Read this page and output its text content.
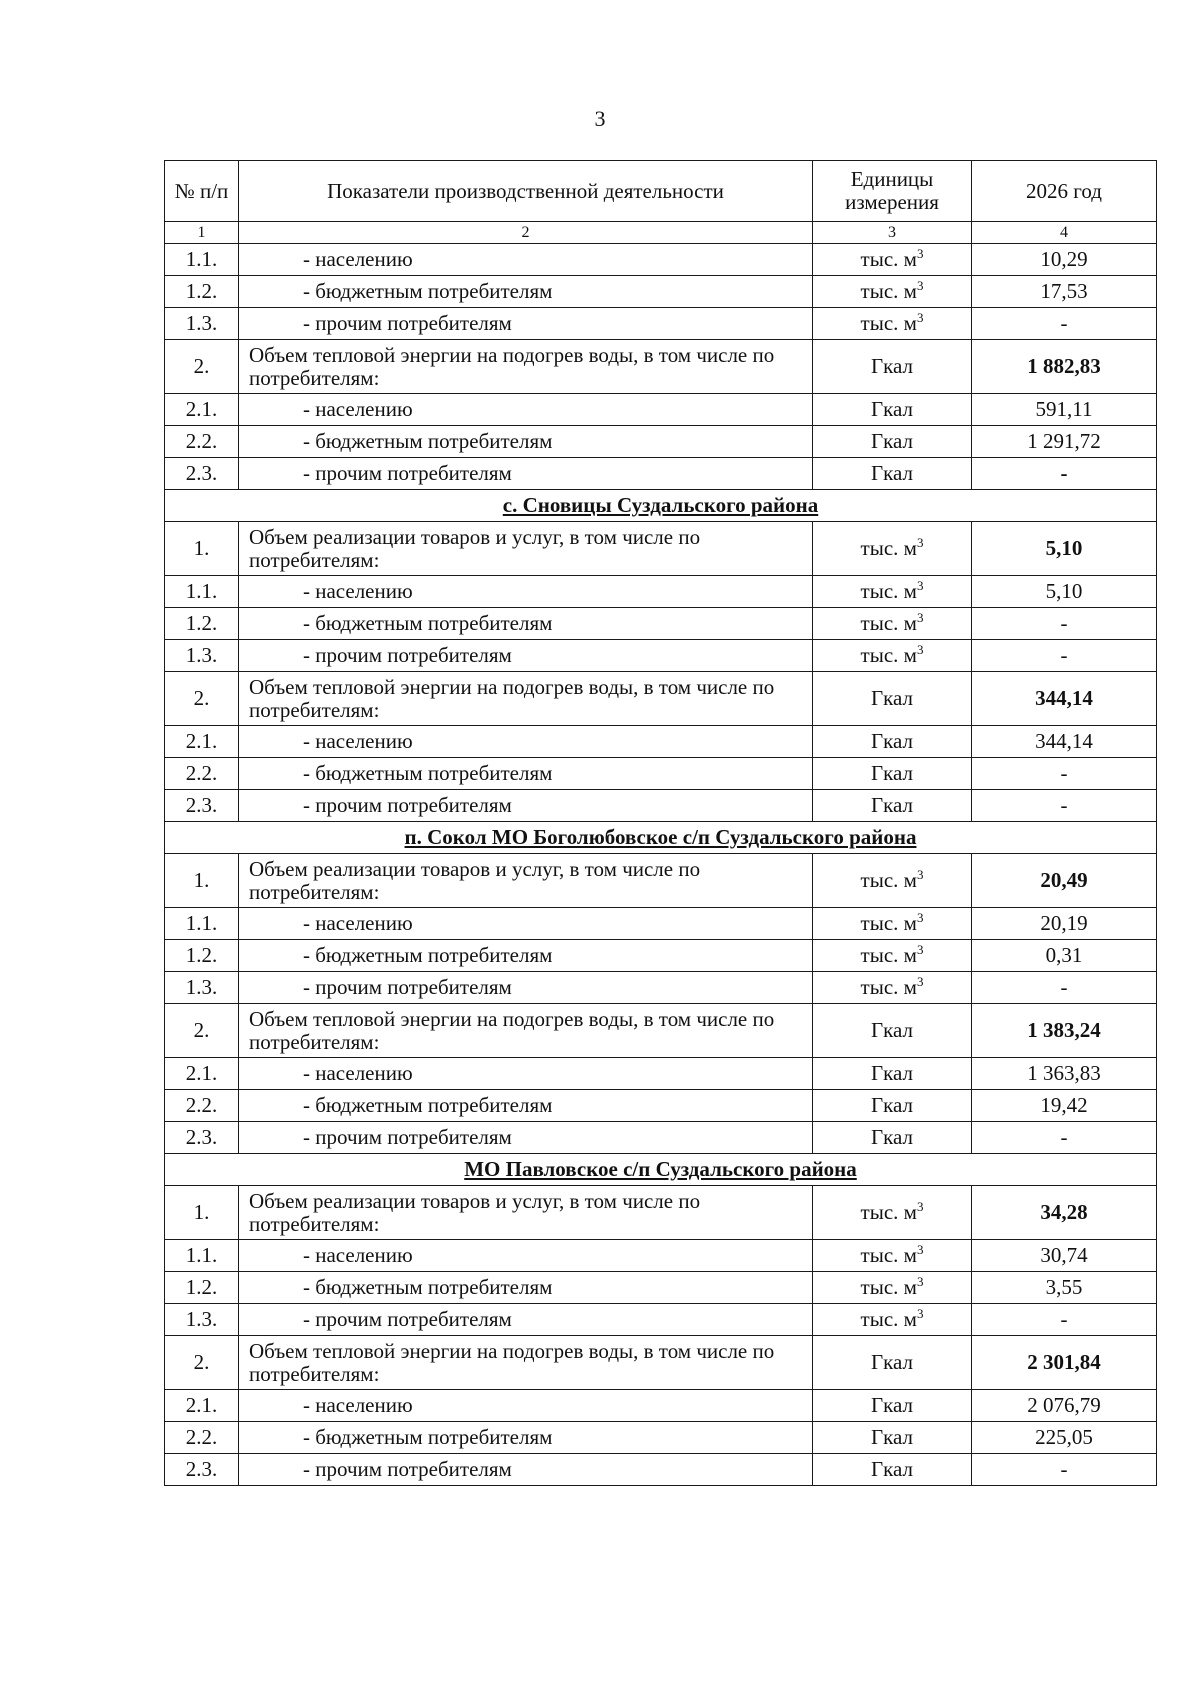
3
№ п/п	Показатели производственной деятельности	Единицы измерения	2026 год
1	2	3	4
1.1.	- населению	тыс. $м^3$	10,29
1.2.	- бюджетным потребителям	тыс. $м^3$	17,53
1.3.	- прочим потребителям	тыс. $м^3$	-
2.	Объем тепловой энергии на подогрев воды, в том числе по потребителям:	Гкал	1 882,83
2.1.	- населению	Гкал	591,11
2.2.	- бюджетным потребителям	Гкал	1 291,72
2.3.	- прочим потребителям	Гкал	-
с. Сновицы Суздальского района			
1.	Объем реализации товаров и услуг, в том числе по потребителям:	тыс. $м^3$	5,10
1.1.	- населению	тыс. $м^3$	5,10
1.2.	- бюджетным потребителям	тыс. $м^3$	-
1.3.	- прочим потребителям	тыс. $м^3$	-
2.	Объем тепловой энергии на подогрев воды, в том числе по потребителям:	Гкал	344,14
2.1.	- населению	Гкал	344,14
2.2.	- бюджетным потребителям	Гкал	-
2.3.	- прочим потребителям	Гкал	-
п. Сокол МО Боголюбовское с/п Суздальского района			
1.	Объем реализации товаров и услуг, в том числе по потребителям:	тыс. $м^3$	20,49
1.1.	- населению	тыс. $м^3$	20,19
1.2.	- бюджетным потребителям	тыс. $м^3$	0,31
1.3.	- прочим потребителям	тыс. $м^3$	-
2.	Объем тепловой энергии на подогрев воды, в том числе по потребителям:	Гкал	1 383,24
2.1.	- населению	Гкал	1 363,83
2.2.	- бюджетным потребителям	Гкал	19,42
2.3.	- прочим потребителям	Гкал	-
МО Павловское с/п Суздальского района			
1.	Объем реализации товаров и услуг, в том числе по потребителям:	тыс. $м^3$	34,28
1.1.	- населению	тыс. $м^3$	30,74
1.2.	- бюджетным потребителям	тыс. $м^3$	3,55
1.3.	- прочим потребителям	тыс. $м^3$	-
2.	Объем тепловой энергии на подогрев воды, в том числе по потребителям:	Гкал	2 301,84
2.1.	- населению	Гкал	2 076,79
2.2.	- бюджетным потребителям	Гкал	225,05
2.3.	- прочим потребителям	Гкал	-
